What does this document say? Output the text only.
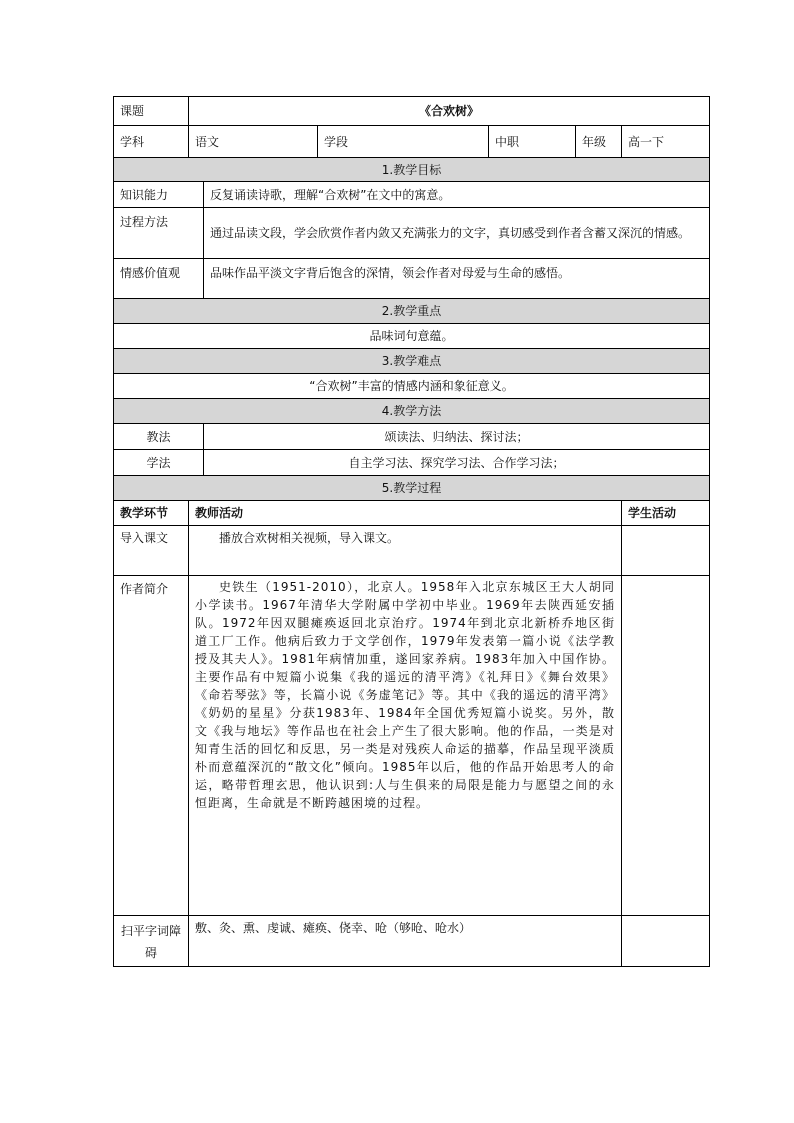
课题	《合欢树》					
学科	语文		学段	中职	年级	高一下
1.教学目标						
知识能力		反复诵读诗歌，理解“合欢树”在文中的寓意。				
过程方法		通过品读文段，学会欣赏作者内敛又充满张力的文字，真切感受到作者含蓄又深沉的情感。				
情感价值观		品味作品平淡文字背后饱含的深情，领会作者对母爱与生命的感悟。				
2.教学重点						
品味词句意蕴。						
3.教学难点						
“合欢树”丰富的情感内涵和象征意义。						
4.教学方法						
教法		颂读法、归纳法、探讨法；				
学法		自主学习法、探究学习法、合作学习法；				
5.教学过程						
教学环节	教师活动					学生活动
导入课文	播放合欢树相关视频，导入课文。					
作者简介	史铁生（1951-2010），北京人。1958年入北京东城区王大人胡同小学读书。1967年清华大学附属中学初中毕业。1969年去陕西延安插队。1972年因双腿瘫痪返回北京治疗。1974年到北京北新桥乔地区街道工厂工作。他病后致力于文学创作，1979年发表第一篇小说《法学教授及其夫人》。1981年病情加重，遂回家养病。1983年加入中国作协。主要作品有中短篇小说集《我的遥远的清平湾》《礼拜日》《舞台效果》《命若琴弦》等，长篇小说《务虚笔记》等。其中《我的遥远的清平湾》《奶奶的星星》分获1983年、1984年全国优秀短篇小说奖。另外，散文《我与地坛》等作品也在社会上产生了很大影响。他的作品，一类是对知青生活的回忆和反思，另一类是对残疾人命运的描摹，作品呈现平淡质朴而意蕴深沉的“散文化”倾向。1985年以后，他的作品开始思考人的命运，略带哲理玄思，他认识到:人与生俱来的局限是能力与愿望之间的永恒距离，生命就是不断跨越困境的过程。					
扫平字词障碍	敷、灸、熏、虔诚、瘫痪、侥幸、呛（够呛、呛水）					
